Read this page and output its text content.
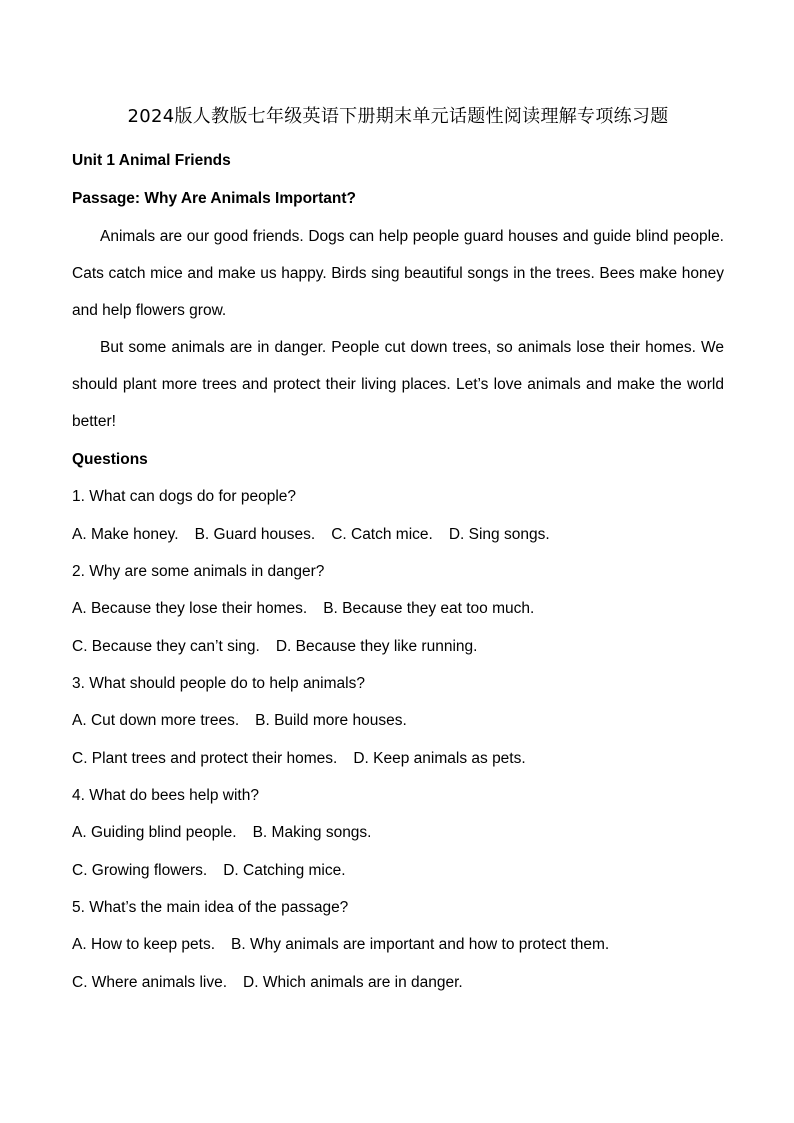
2024版人教版七年级英语下册期末单元话题性阅读理解专项练习题
Unit 1 Animal Friends
Passage: Why Are Animals Important?
Animals are our good friends. Dogs can help people guard houses and guide blind people. Cats catch mice and make us happy. Birds sing beautiful songs in the trees. Bees make honey and help flowers grow.
But some animals are in danger. People cut down trees, so animals lose their homes. We should plant more trees and protect their living places. Let’s love animals and make the world better!
Questions
1. What can dogs do for people?
A. Make honey. B. Guard houses. C. Catch mice. D. Sing songs.
2. Why are some animals in danger?
A. Because they lose their homes. B. Because they eat too much.
C. Because they can’t sing. D. Because they like running.
3. What should people do to help animals?
A. Cut down more trees. B. Build more houses.
C. Plant trees and protect their homes. D. Keep animals as pets.
4. What do bees help with?
A. Guiding blind people. B. Making songs.
C. Growing flowers. D. Catching mice.
5. What’s the main idea of the passage?
A. How to keep pets. B. Why animals are important and how to protect them.
C. Where animals live. D. Which animals are in danger.
